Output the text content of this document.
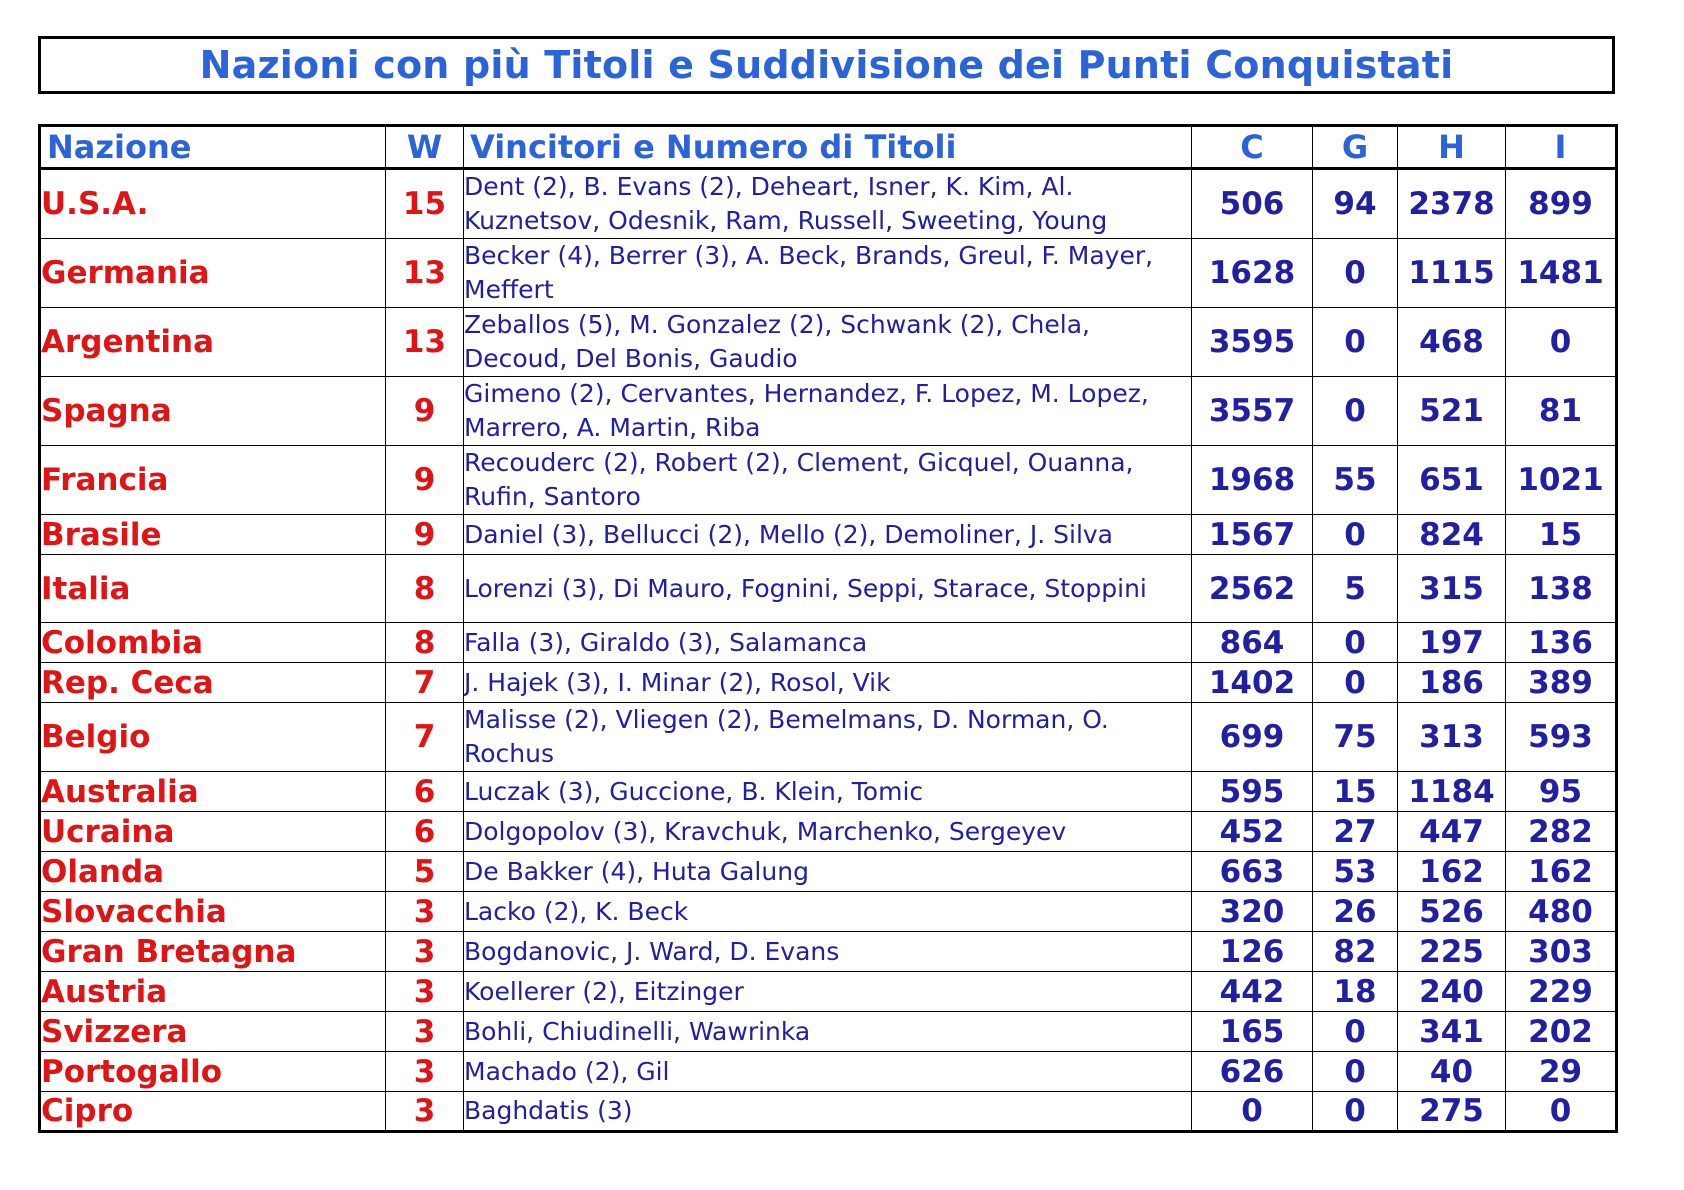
Nazioni con più Titoli e Suddivisione dei Punti Conquistati
Nazione	W	Vincitori e Numero di Titoli	C	G	H	I
U.S.A.	15	Dent (2), B. Evans (2), Deheart, Isner, K. Kim, Al. Kuznetsov, Odesnik, Ram, Russell, Sweeting, Young	506	94	2378	899
Germania	13	Becker (4), Berrer (3), A. Beck, Brands, Greul, F. Mayer, Meffert	1628	0	1115	1481
Argentina	13	Zeballos (5), M. Gonzalez (2), Schwank (2), Chela, Decoud, Del Bonis, Gaudio	3595	0	468	0
Spagna	9	Gimeno (2), Cervantes, Hernandez, F. Lopez, M. Lopez, Marrero, A. Martin, Riba	3557	0	521	81
Francia	9	Recouderc (2), Robert (2), Clement, Gicquel, Ouanna, Rufin, Santoro	1968	55	651	1021
Brasile	9	Daniel (3), Bellucci (2), Mello (2), Demoliner, J. Silva	1567	0	824	15
Italia	8	Lorenzi (3), Di Mauro, Fognini, Seppi, Starace, Stoppini	2562	5	315	138
Colombia	8	Falla (3), Giraldo (3), Salamanca	864	0	197	136
Rep. Ceca	7	J. Hajek (3), I. Minar (2), Rosol, Vik	1402	0	186	389
Belgio	7	Malisse (2), Vliegen (2), Bemelmans, D. Norman, O. Rochus	699	75	313	593
Australia	6	Luczak (3), Guccione, B. Klein, Tomic	595	15	1184	95
Ucraina	6	Dolgopolov (3), Kravchuk, Marchenko, Sergeyev	452	27	447	282
Olanda	5	De Bakker (4), Huta Galung	663	53	162	162
Slovacchia	3	Lacko (2), K. Beck	320	26	526	480
Gran Bretagna	3	Bogdanovic, J. Ward, D. Evans	126	82	225	303
Austria	3	Koellerer (2), Eitzinger	442	18	240	229
Svizzera	3	Bohli, Chiudinelli, Wawrinka	165	0	341	202
Portogallo	3	Machado (2), Gil	626	0	40	29
Cipro	3	Baghdatis (3)	0	0	275	0
